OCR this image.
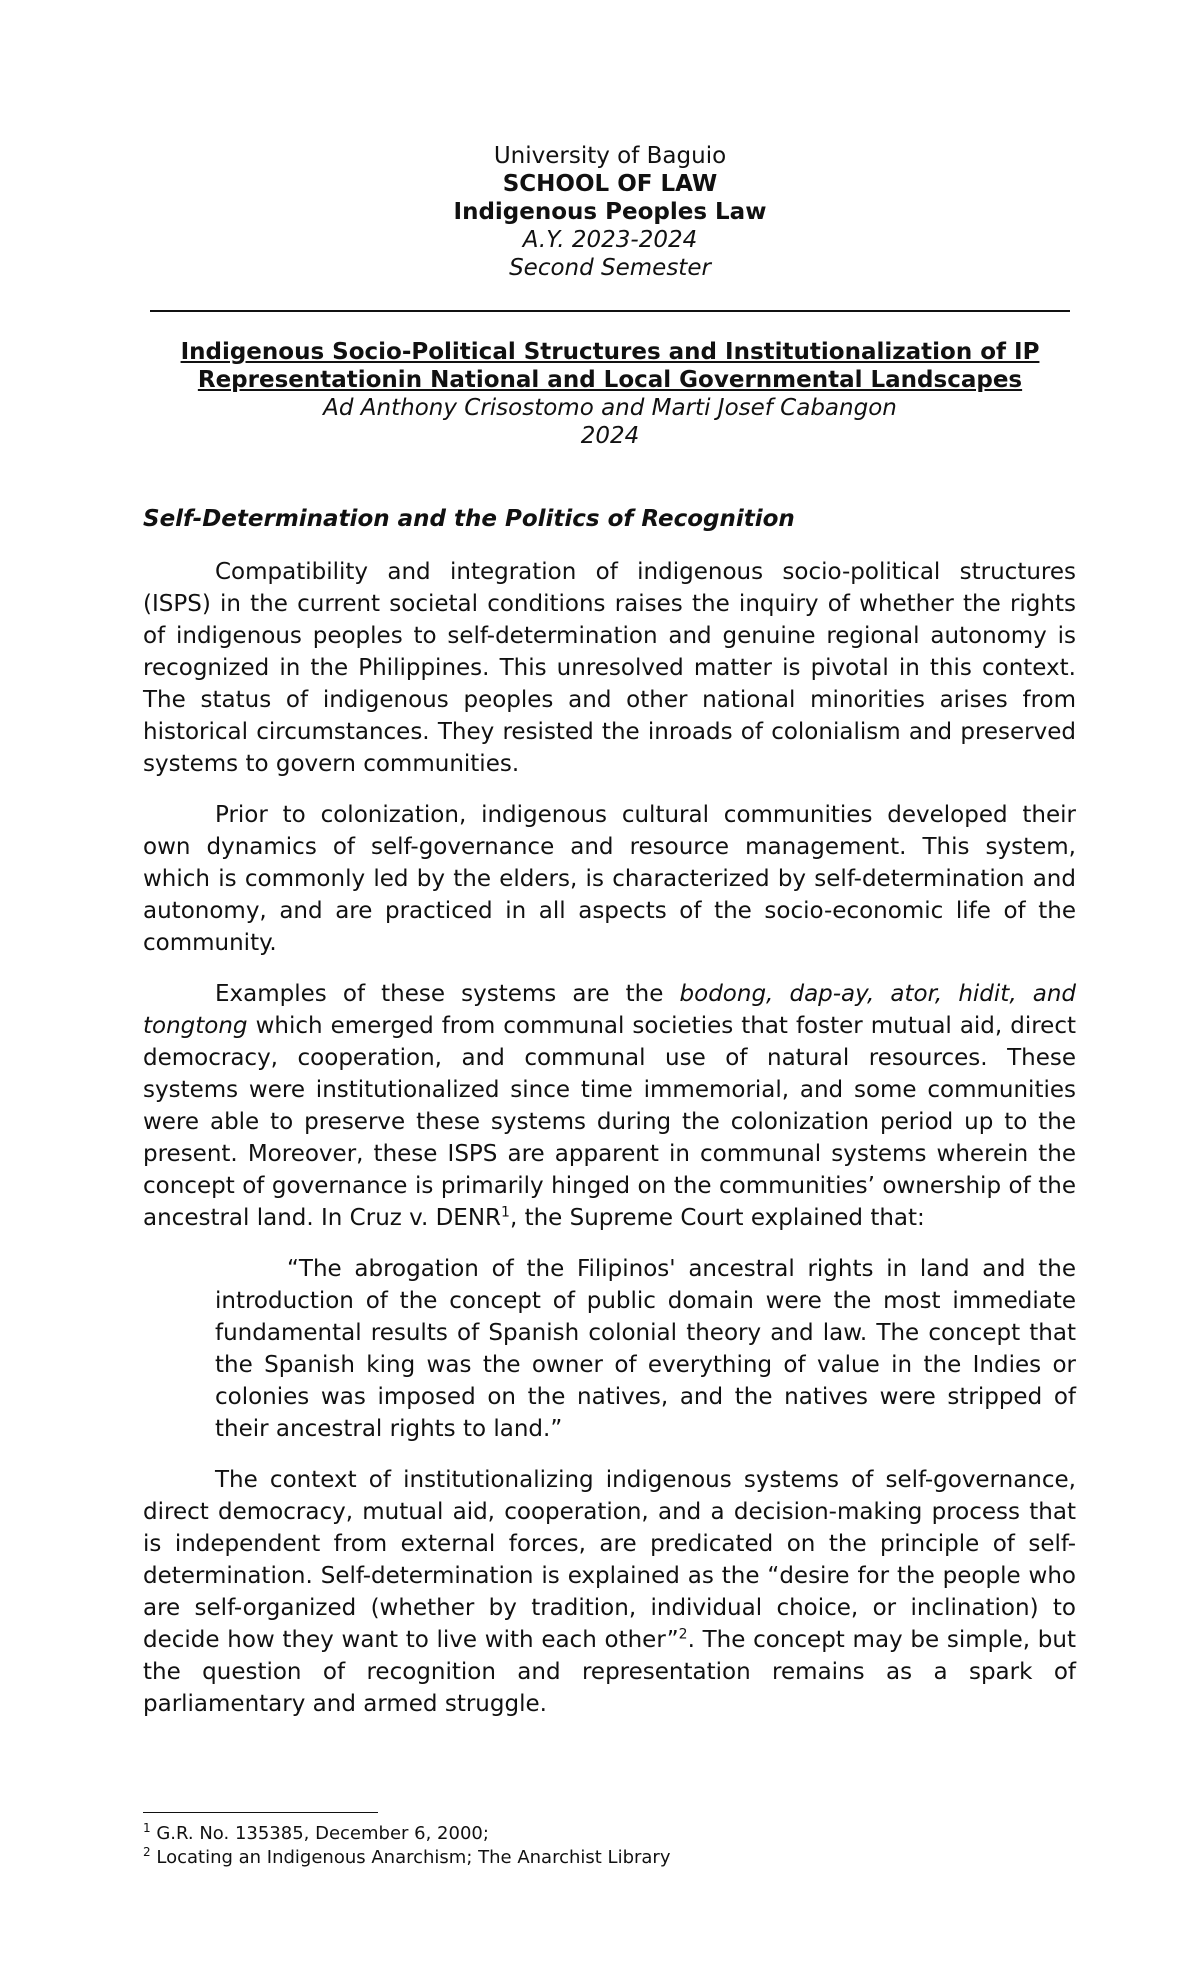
University of Baguio
SCHOOL OF LAW
Indigenous Peoples Law
A.Y. 2023-2024
Second Semester
Indigenous Socio-Political Structures and Institutionalization of IP
Representationin National and Local Governmental Landscapes
Ad Anthony Crisostomo and Marti Josef Cabangon
2024
Self-Determination and the Politics of Recognition

Compatibility and integration of indigenous socio-political structures (ISPS) in the current societal conditions raises the inquiry of whether the rights of indigenous peoples to self-determination and genuine regional autonomy is recognized in the Philippines. This unresolved matter is pivotal in this context. The status of indigenous peoples and other national minorities arises from historical circumstances. They resisted the inroads of colonialism and preserved systems to govern communities.

Prior to colonization, indigenous cultural communities developed their own dynamics of self-governance and resource management. This system, which is commonly led by the elders, is characterized by self-determination and autonomy, and are practiced in all aspects of the socio-economic life of the community.

Examples of these systems are the bodong, dap-ay, ator, hidit, and tongtong which emerged from communal societies that foster mutual aid, direct democracy, cooperation, and communal use of natural resources. These systems were institutionalized since time immemorial, and some communities were able to preserve these systems during the colonization period up to the present. Moreover, these ISPS are apparent in communal systems wherein the concept of governance is primarily hinged on the communities’ ownership of the ancestral land. In Cruz v. DENR$^1$, the Supreme Court explained that:

“The abrogation of the Filipinos' ancestral rights in land and the introduction of the concept of public domain were the most immediate fundamental results of Spanish colonial theory and law. The concept that the Spanish king was the owner of everything of value in the Indies or colonies was imposed on the natives, and the natives were stripped of their ancestral rights to land.”

The context of institutionalizing indigenous systems of self-governance, direct democracy, mutual aid, cooperation, and a decision-making process that is independent from external forces, are predicated on the principle of self-determination. Self-determination is explained as the “desire for the people who are self-organized (whether by tradition, individual choice, or inclination) to decide how they want to live with each other”$^2$. The concept may be simple, but the question of recognition and representation remains as a spark of parliamentary and armed struggle.

$^1$ G.R. No. 135385, December 6, 2000;
$^2$ Locating an Indigenous Anarchism; The Anarchist Library
